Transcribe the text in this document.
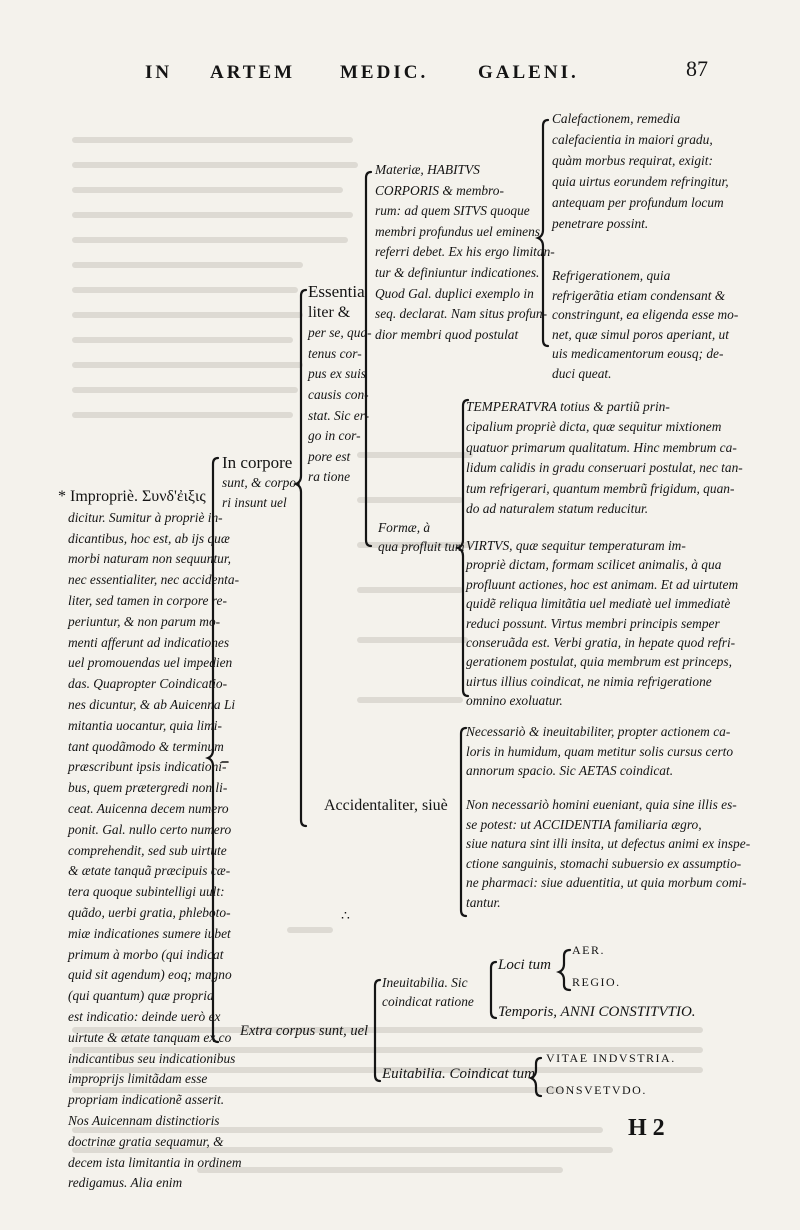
IN ARTEM MEDIC.	GALENI.	87
* Impropriè. Συνδ'ἐιξις
dicitur. Sumitur à propriè in-
dicantibus, hoc est, ab ijs quæ
morbi naturam non sequuntur,
nec essentialiter, nec accidenta-
liter, sed tamen in corpore re-
periuntur, & non parum mo-
menti afferunt ad indicationes
uel promouendas uel impedien
das. Quapropter Coindicatio-
nes dicuntur, & ab Auicenna Li
mitantia uocantur, quia limi-
tant quodãmodo & terminum
præscribunt ipsis indicationi-
bus, quem prætergredi non li-
ceat. Auicenna decem numero
ponit. Gal. nullo certo numero
comprehendit, sed sub uirtute
& ætate tanquã præcipuis cæ-
tera quoque subintelligi uult:
quãdo, uerbi gratia, phleboto-
miæ indicationes sumere iubet
primum à morbo (qui indicat
quid sit agendum) eoq; magno
(qui quantum) quæ propria
est indicatio: deinde uerò ex
uirtute & ætate tanquam ex co
indicantibus seu indicationibus
improprijs limitãdam esse
propriam indicationẽ asserit.
Nos Auicennam distinctioris
doctrinæ gratia sequamur, &
decem ista limitantia in ordinem
redigamus. Alia enim
In corpore
sunt, & corpo-
ri insunt uel
Essentia
liter &
per se, qua-
tenus cor-
pus ex suis
causis con-
stat. Sic er-
go in cor-
pore est
ra tione
Materiæ, HABITVS
CORPORIS & membro-
rum: ad quem SITVS quoque
membri profundus uel eminens
referri debet. Ex his ergo limitan-
tur & definiuntur indicationes.
Quod Gal. duplici exemplo in
seq. declarat. Nam situs profun-
dior membri quod postulat
Calefactionem, remedia
calefacientia in maiori gradu,
quàm morbus requirat, exigit:
quia uirtus eorundem refringitur,
antequam per profundum locum
penetrare possint.
Refrigerationem, quia
refrigerãtia etiam condensant &
constringunt, ea eligenda esse mo-
net, quæ simul poros aperiant, ut
uis medicamentorum eousq; de-
duci queat.
Formæ, à
qua profluit tum
TEMPERATVRA totius & partiũ prin-
cipalium propriè dicta, quæ sequitur mixtionem
quatuor primarum qualitatum. Hinc membrum ca-
lidum calidis in gradu conseruari postulat, nec tan-
tum refrigerari, quantum membrũ frigidum, quan-
do ad naturalem statum reducitur.
VIRTVS, quæ sequitur temperaturam im-
propriè dictam, formam scilicet animalis, à qua
profluunt actiones, hoc est animam. Et ad uirtutem
quidẽ reliqua limitãtia uel mediatè uel immediatè
reduci possunt. Virtus membri principis semper
conseruãda est. Verbi gratia, in hepate quod refri-
gerationem postulat, quia membrum est princeps,
uirtus illius coindicat, ne nimia refrigeratione
omnino exoluatur.
Accidentaliter, siuè
Necessariò & ineuitabiliter, propter actionem ca-
loris in humidum, quam metitur solis cursus certo
annorum spacio. Sic AETAS coindicat.
Non necessariò homini eueniant, quia sine illis es-
se potest: ut ACCIDENTIA familiaria ægro,
siue natura sint illi insita, ut defectus animi ex inspe-
ctione sanguinis, stomachi subuersio ex assumptio-
ne pharmaci: siue aduentitia, ut quia morbum comi-
tantur.
∴
Extra corpus sunt, uel
Ineuitabilia. Sic
coindicat ratione
Loci tum
AER.
REGIO.
Temporis, ANNI CONSTITVTIO.
Euitabilia. Coindicat tum
VITAE INDVSTRIA.
CONSVETVDO.
H 2
